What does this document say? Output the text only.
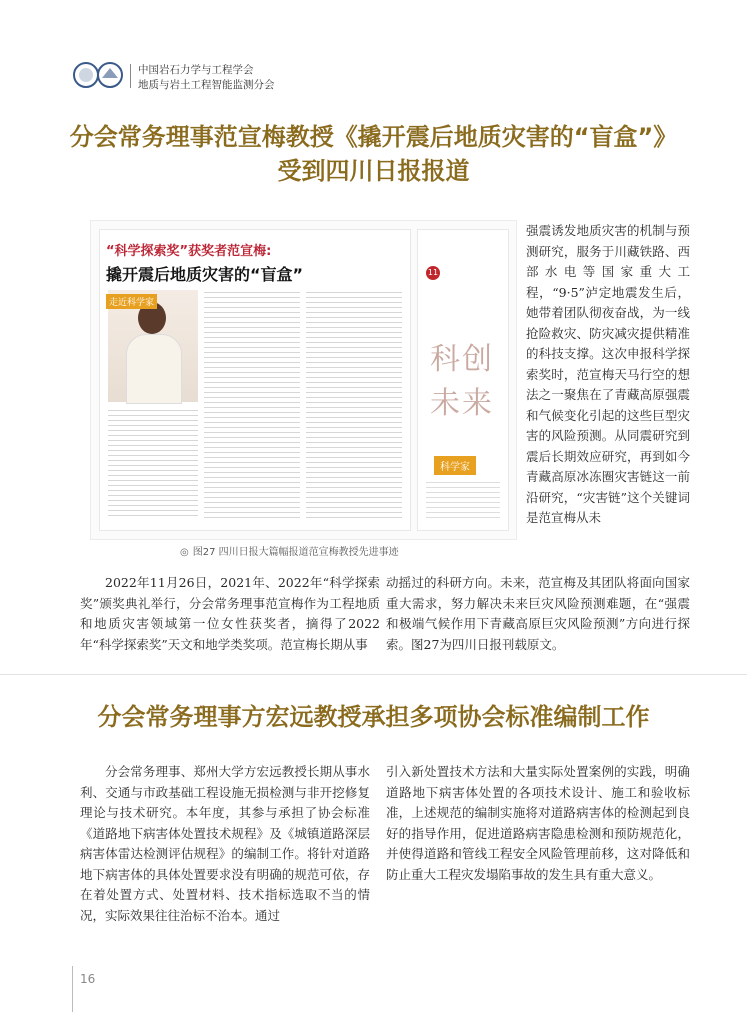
中国岩石力学与工程学会
地质与岩土工程智能监测分会
分会常务理事范宣梅教授《撬开震后地质灾害的“盲盒”》
受到四川日报报道
“科学探索奖”获奖者范宣梅:
撬开震后地质灾害的“盲盒”
走近科学家
11
科创未来
科学家
◎ 图27 四川日报大篇幅报道范宣梅教授先进事迹
强震诱发地质灾害的机制与预测研究，服务于川藏铁路、西部水电等国家重大工程，“9·5”泸定地震发生后，她带着团队彻夜奋战，为一线抢险救灾、防灾减灾提供精准的科技支撑。这次申报科学探索奖时，范宣梅天马行空的想法之一聚焦在了青藏高原强震和气候变化引起的这些巨型灾害的风险预测。从同震研究到震后长期效应研究，再到如今青藏高原冰冻圈灾害链这一前沿研究，“灾害链”这个关键词是范宣梅从未
2022年11月26日，2021年、2022年“科学探索奖”颁奖典礼举行，分会常务理事范宣梅作为工程地质和地质灾害领域第一位女性获奖者，摘得了2022年“科学探索奖”天文和地学类奖项。范宣梅长期从事
动摇过的科研方向。未来，范宣梅及其团队将面向国家重大需求，努力解决未来巨灾风险预测难题，在“强震和极端气候作用下青藏高原巨灾风险预测”方向进行探索。图27为四川日报刊载原文。
分会常务理事方宏远教授承担多项协会标准编制工作
分会常务理事、郑州大学方宏远教授长期从事水利、交通与市政基础工程设施无损检测与非开挖修复理论与技术研究。本年度，其参与承担了协会标准《道路地下病害体处置技术规程》及《城镇道路深层病害体雷达检测评估规程》的编制工作。将针对道路地下病害体的具体处置要求没有明确的规范可依，存在着处置方式、处置材料、技术指标选取不当的情况，实际效果往往治标不治本。通过
引入新处置技术方法和大量实际处置案例的实践，明确道路地下病害体处置的各项技术设计、施工和验收标准，上述规范的编制实施将对道路病害体的检测起到良好的指导作用，促进道路病害隐患检测和预防规范化，并使得道路和管线工程安全风险管理前移，这对降低和防止重大工程灾发塌陷事故的发生具有重大意义。
16
